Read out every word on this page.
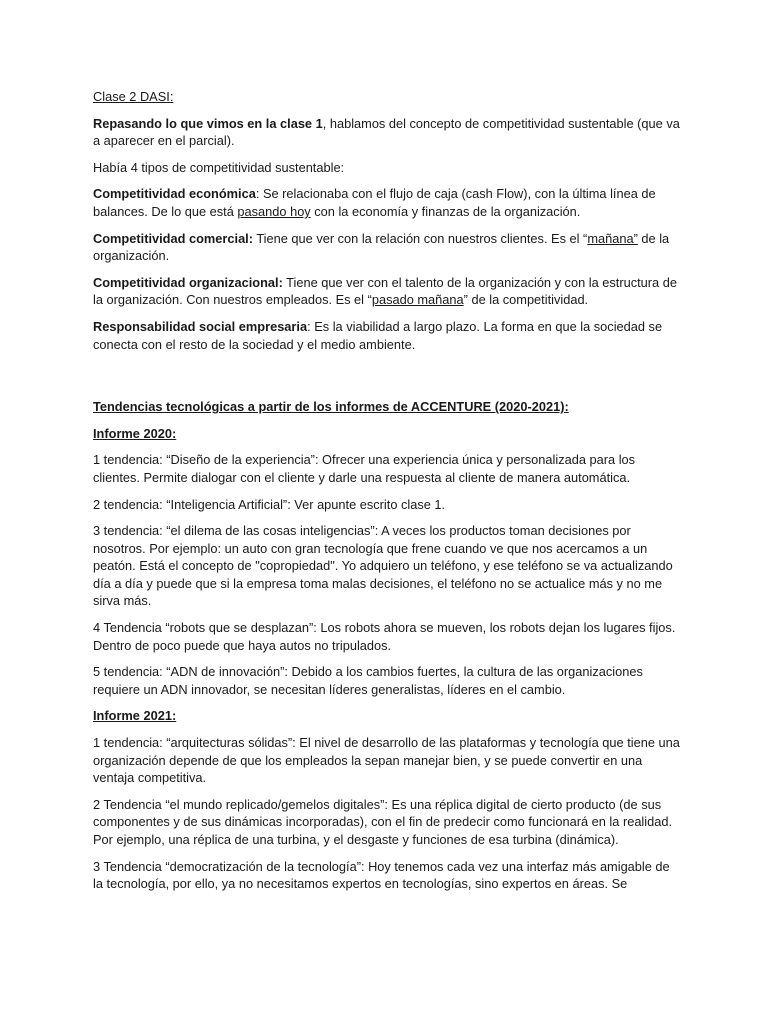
Clase 2 DASI:

Repasando lo que vimos en la clase 1, hablamos del concepto de competitividad sustentable (que va a aparecer en el parcial).

Había 4 tipos de competitividad sustentable:

Competitividad económica: Se relacionaba con el flujo de caja (cash Flow), con la última línea de balances. De lo que está pasando hoy con la economía y finanzas de la organización.

Competitividad comercial: Tiene que ver con la relación con nuestros clientes. Es el “mañana” de la organización.

Competitividad organizacional: Tiene que ver con el talento de la organización y con la estructura de la organización. Con nuestros empleados. Es el “pasado mañana” de la competitividad.

Responsabilidad social empresaria: Es la viabilidad a largo plazo. La forma en que la sociedad se conecta con el resto de la sociedad y el medio ambiente.

Tendencias tecnológicas a partir de los informes de ACCENTURE (2020-2021):

Informe 2020:

1 tendencia: “Diseño de la experiencia”: Ofrecer una experiencia única y personalizada para los clientes. Permite dialogar con el cliente y darle una respuesta al cliente de manera automática.

2 tendencia: “Inteligencia Artificial”: Ver apunte escrito clase 1.

3 tendencia: “el dilema de las cosas inteligencias”: A veces los productos toman decisiones por nosotros. Por ejemplo: un auto con gran tecnología que frene cuando ve que nos acercamos a un peatón. Está el concepto de "copropiedad". Yo adquiero un teléfono, y ese teléfono se va actualizando día a día y puede que si la empresa toma malas decisiones, el teléfono no se actualice más y no me sirva más.

4 Tendencia “robots que se desplazan”: Los robots ahora se mueven, los robots dejan los lugares fijos. Dentro de poco puede que haya autos no tripulados.

5 tendencia: “ADN de innovación”: Debido a los cambios fuertes, la cultura de las organizaciones requiere un ADN innovador, se necesitan líderes generalistas, líderes en el cambio.

Informe 2021:

1 tendencia: “arquitecturas sólidas”: El nivel de desarrollo de las plataformas y tecnología que tiene una organización depende de que los empleados la sepan manejar bien, y se puede convertir en una ventaja competitiva.

2 Tendencia “el mundo replicado/gemelos digitales”: Es una réplica digital de cierto producto (de sus componentes y de sus dinámicas incorporadas), con el fin de predecir como funcionará en la realidad. Por ejemplo, una réplica de una turbina, y el desgaste y funciones de esa turbina (dinámica).

3 Tendencia “democratización de la tecnología”: Hoy tenemos cada vez una interfaz más amigable de la tecnología, por ello, ya no necesitamos expertos en tecnologías, sino expertos en áreas. Se
